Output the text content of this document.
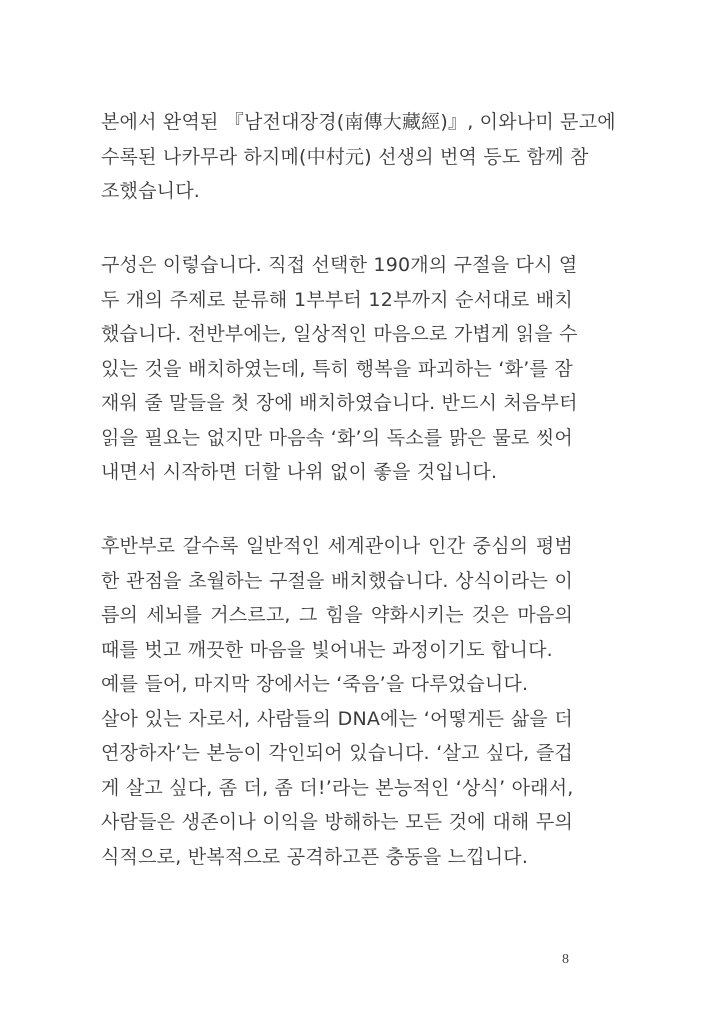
본에서 완역된 『남전대장경(南傳大藏經)』, 이와나미 문고에
수록된 나카무라 하지메(中村元) 선생의 번역 등도 함께 참
조했습니다.
구성은 이렇습니다. 직접 선택한 190개의 구절을 다시 열
두 개의 주제로 분류해 1부부터 12부까지 순서대로 배치
했습니다. 전반부에는, 일상적인 마음으로 가볍게 읽을 수
있는 것을 배치하였는데, 특히 행복을 파괴하는 ‘화’를 잠
재워 줄 말들을 첫 장에 배치하였습니다. 반드시 처음부터
읽을 필요는 없지만 마음속 ‘화’의 독소를 맑은 물로 씻어
내면서 시작하면 더할 나위 없이 좋을 것입니다.
후반부로 갈수록 일반적인 세계관이나 인간 중심의 평범
한 관점을 초월하는 구절을 배치했습니다. 상식이라는 이
름의 세뇌를 거스르고, 그 힘을 약화시키는 것은 마음의
때를 벗고 깨끗한 마음을 빛어내는 과정이기도 합니다.
예를 들어, 마지막 장에서는 ‘죽음’을 다루었습니다.
살아 있는 자로서, 사람들의 DNA에는 ‘어떻게든 삶을 더
연장하자’는 본능이 각인되어 있습니다. ‘살고 싶다, 즐겁
게 살고 싶다, 좀 더, 좀 더!’라는 본능적인 ‘상식’ 아래서,
사람들은 생존이나 이익을 방해하는 모든 것에 대해 무의
식적으로, 반복적으로 공격하고픈 충동을 느낍니다.
8
